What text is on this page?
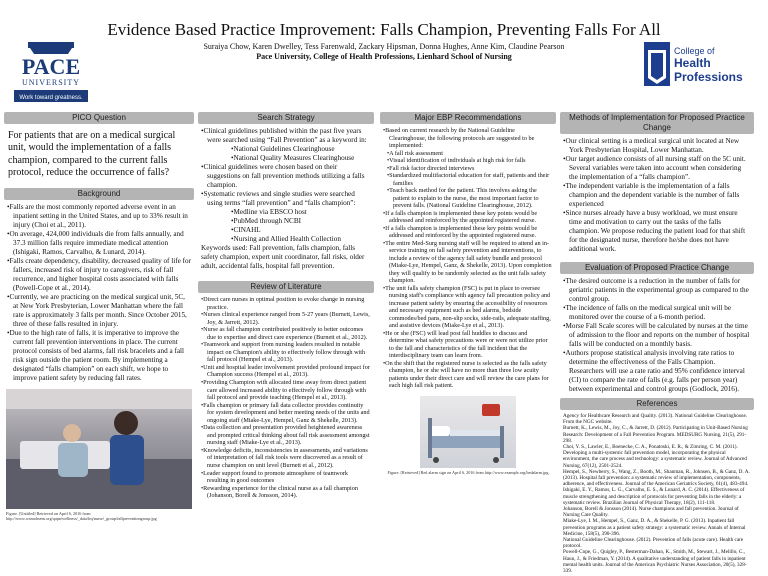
PACE
UNIVERSITY
Work toward greatness.
College of
Health
Professions
Evidence Based Practice Improvement: Falls Champion, Preventing Falls For All
Suraiya Chow, Karen Dwelley, Tess Farenwald, Zackary Hipsman, Donna Hughes, Anne Kim, Claudine Pearson
Pace University, College of Health Professions, Lienhard School of Nursing
PICO Question

For patients that are on a medical surgical unit, would the implementation of a falls champion, compared to the current falls protocol, reduce the occurrence of falls?

Background
• Falls are the most commonly reported adverse event in an inpatient setting in the United States, and up to 33% result in injury (Choi et al., 2011).
• On average, 424,000 individuals die from falls annually, and 37.3 million falls require immediate medical attention (Ishigaki, Ramos, Carvalho, & Lunard, 2014).
• Falls create dependency, disability, decreased quality of life for fallers, increased risk of injury to caregivers, risk of fall recurrence, and higher hospital costs associated with falls (Powell-Cope et al., 2014).
• Currently, we are practicing on the medical surgical unit, 5C, at New York Presbyterian, Lower Manhattan where the fall rate is approximately 3 falls per month. Since October 2015, three of these falls resulted in injury.
• Due to the high rate of falls, it is imperative to improve the current fall prevention interventions in place. The current protocol consists of bed alarms, fall risk bracelets and a fall risk sign outside the patient room. By implementing a designated “falls champion” on each shift, we hope to improve patient safety by reducing fall rates.

Figure. [Untitled] Retrieved on April 6, 2016 from http://www.wsmohsens.org/qapn/wellness/_data/lrq/nurse/_group/fallpreventiongroup.jpg

Search Strategy
• Clinical guidelines published within the past five years were searched using “Fall Prevention” as a keyword in:
• National Guidelines Clearinghouse
• National Quality Measures Clearinghouse
• Clinical guidelines were chosen based on their suggestions on fall prevention methods utilizing a falls champion.
• Systematic reviews and single studies were searched using terms “fall prevention” and “falls champion”:
• Medline via EBSCO host
• PubMed through NCBI
• CINAHL
• Nursing and Allied Health Collection

Keywords used: Fall prevention, falls champion, falls safety champion, expert unit coordinator, fall risks, older adult, accidental falls, hospital fall prevention.

Review of Literature
• Direct care nurses in optimal position to evoke change in nursing practice.
• Nurses clinical experience ranged from 5-27 years (Burnett, Lewis, Joy, & Jarrett, 2012).
• Nurse as fall champion contributed positively to better outcomes due to expertise and direct care experience (Burnett et al., 2012).
• Teamwork and support from nursing leaders resulted in notable impact on Champion's ability to effectively follow through with fall protocol (Hempel et al., 2013).
• Unit and hospital leader involvement provided profound impact for Champion success (Hempel et al., 2013).
• Providing Champion with allocated time away from direct patient care allowed increased ability to effectively follow through with fall protocol and provide teaching (Hempel et al., 2013).
• Falls champion or primary fall data collector provides continuity for system development and better meeting needs of the units and ongoing staff (Miake-Lye, Hempel, Ganz & Shekelle, 2013).
• Data collection and presentation provided heightened awareness and prompted critical thinking about fall risk assessment amongst nursing staff (Miake-Lye et al., 2013).
• Knowledge deficits, inconsistencies in assessments, and variations of interpretation of fall risk tools were discovered as a result of nurse champion on unit level (Burnett et al., 2012).
• Leader support found to promote atmosphere of teamwork resulting in good outcomes
• Rewarding experience for the clinical nurse as a fall champion (Johanson, Borell & Jonsson, 2014).
Major EBP Recommendations
• Based on current research by the National Guideline Clearinghouse, the following protocols are suggested to be implemented:
• A fall risk assessment
• Visual identification of individuals at high risk for falls
• Fall risk factor directed interviews
• Standardized multifactorial education for staff, patients and their families
• Teach back method for the patient. This involves asking the patient to explain to the nurse, the most important factor to prevent falls. (National Guideline Clearinghouse, 2012).
• If a falls champion is implemented these key points would be addressed and reinforced by the appointed registered nurse.
• If a falls champion is implemented these key points would be addressed and reinforced by the appointed registered nurse.
• The entire Med-Surg nursing staff will be required to attend an in-service training on fall safety prevention and interventions, to include a review of the agency fall safety bundle and protocol (Miake-Lye, Hempel, Ganz, & Shekelle, 2013). Upon completion they will qualify to be randomly selected as the unit falls safety champion.
• The unit falls safety champion (FSC) is put in place to oversee nursing staff's compliance with agency fall precaution policy and increase patient safety by ensuring the accessibility of resources and necessary equipment such as bed alarms, bedside commodes/bed pans, non-slip socks, side-rails, adequate staffing, and assistive devices (Miake-Lye et al., 2013).
• He or she (FSC) will lead post fall huddles to discuss and determine what safety precautions were or were not utilize prior to the fall and characteristics of the fall incident that the interdisciplinary team can learn from.
• On the shift that the registered nurse is selected as the falls safety champion, he or she will have no more than three low acuity patients under their direct care and will review the care plans for each high fall risk patient.

Figure. [Retrieved] Bed alarm sign on April 6, 2016 from http://www.example.org/bedalarm.jpg

Methods of Implementation for Proposed Practice Change
• Our clinical setting is a medical surgical unit located at New York Presbyterian Hospital, Lower Manhattan.
• Our target audience consists of all nursing staff on the 5C unit. Several variables were taken into account when considering the implementation of a “falls champion”.
• The independent variable is the implementation of a falls champion and the dependent variable is the number of falls experienced
• Since nurses already have a busy workload, we must ensure time and motivation to carry out the tasks of the falls champion. We propose reducing the patient load for that shift for the designated nurse, therefore he/she does not have additional work.
Evaluation of Proposed Practice Change
• The desired outcome is a reduction in the number of falls for geriatric patients in the experimental group as compared to the control group.
• The incidence of falls on the medical surgical unit will be monitored over the course of a 6-month period.
• Morse Fall Scale scores will be calculated by nurses at the time of admission to the floor and reports on the number of hospital falls will be conducted on a monthly basis.
• Authors propose statistical analysis involving rate ratios to determine the effectiveness of the Falls Champion. Researchers will use a rate ratio and 95% confidence interval (CI) to compare the rate of falls (e.g. falls per person year) between experimental and control groups (Godlock, 2016).
References

Agency for Healthcare Research and Quality. (2013). National Guideline Clearinghouse. From the NGC website.

Burnett, K., Lewis, M., Joy, C., & Jarrett, D. (2012). Participating in Unit-Based Nursing Research: Development of a Fall Prevention Program. MEDSURG Nursing, 21(5), 291-298.

Choi, Y. S., Lawler, E., Boenecke, C. A., Ponatoski, E. R., & Zimring, C. M. (2011). Developing a multi-systemic fall prevention model, incorporating the physical environment, the care process and technology: a systematic review. Journal of Advanced Nursing, 67(12), 2501-2524.

Hempel, S., Newberry, S., Wang, Z., Booth, M., Shanman, R., Johnsen, B., & Ganz, D. A. (2013). Hospital fall prevention: a systematic review of implementation, components, adherence, and effectiveness. Journal of the American Geriatrics Society, 61(4), 483-494.

Ishigaki, E. Y., Ramos, L. G., Carvalho, E. S., & Lunard, A. C. (2014). Effectiveness of muscle strengthening and description of protocols for preventing falls in the elderly: a systematic review. Brazilian Journal of Physical Therapy, 18(2), 111-118.

Johanson, Borell & Jonsson (2014). Nurse champions and fall prevention. Journal of Nursing Care Quality.

Miake-Lye, I. M., Hempel, S., Ganz, D. A., & Shekelle, P. G. (2013). Inpatient fall prevention programs as a patient safety strategy: a systematic review. Annals of Internal Medicine, 158(5), 390-396.

National Guideline Clearinghouse. (2012). Prevention of falls (acute care). Health care protocol.

Powell-Cope, G., Quigley, P., Besterman-Dahan, K., Smith, M., Stewart, J., Melillo, C., Haun, J., & Friedman, Y. (2014). A qualitative understanding of patient falls in inpatient mental health units. Journal of the American Psychiatric Nurses Association, 20(5), 328-339.
